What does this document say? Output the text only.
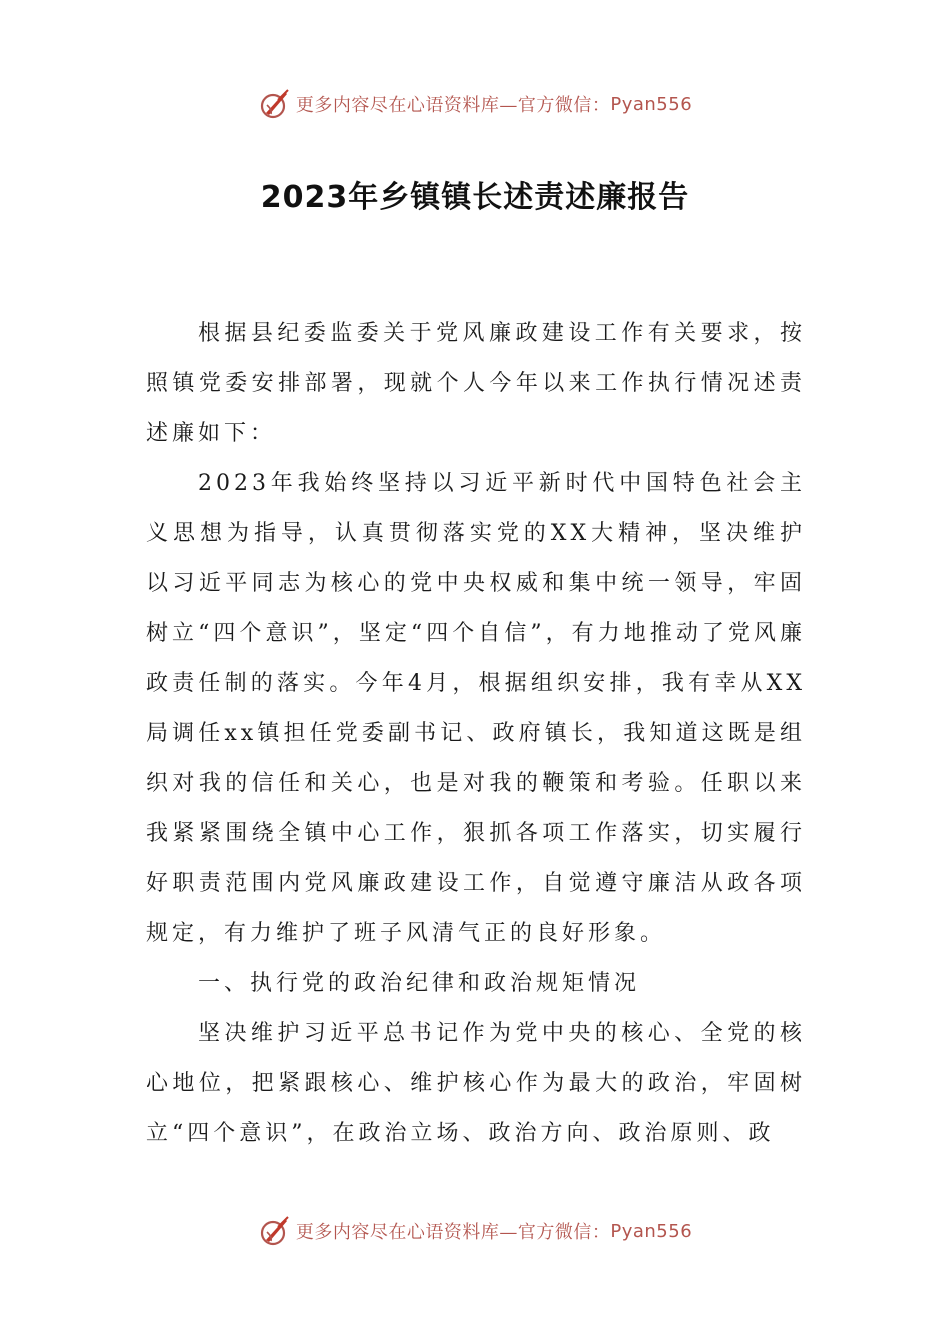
更多内容尽在心语资料库—官方微信： Pyan556
2023年乡镇镇长述责述廉报告

根据县纪委监委关于党风廉政建设工作有关要求，按照镇党委安排部署，现就个人今年以来工作执行情况述责述廉如下：

2023年我始终坚持以习近平新时代中国特色社会主义思想为指导，认真贯彻落实党的XX大精神，坚决维护以习近平同志为核心的党中央权威和集中统一领导，牢固树立“四个意识”，坚定“四个自信”，有力地推动了党风廉政责任制的落实。今年4月，根据组织安排，我有幸从XX局调任xx镇担任党委副书记、政府镇长，我知道这既是组织对我的信任和关心，也是对我的鞭策和考验。任职以来我紧紧围绕全镇中心工作，狠抓各项工作落实，切实履行好职责范围内党风廉政建设工作，自觉遵守廉洁从政各项规定，有力维护了班子风清气正的良好形象。

一、执行党的政治纪律和政治规矩情况

坚决维护习近平总书记作为党中央的核心、全党的核心地位，把紧跟核心、维护核心作为最大的政治，牢固树立“四个意识”，在政治立场、政治方向、政治原则、政

更多内容尽在心语资料库—官方微信： Pyan556
